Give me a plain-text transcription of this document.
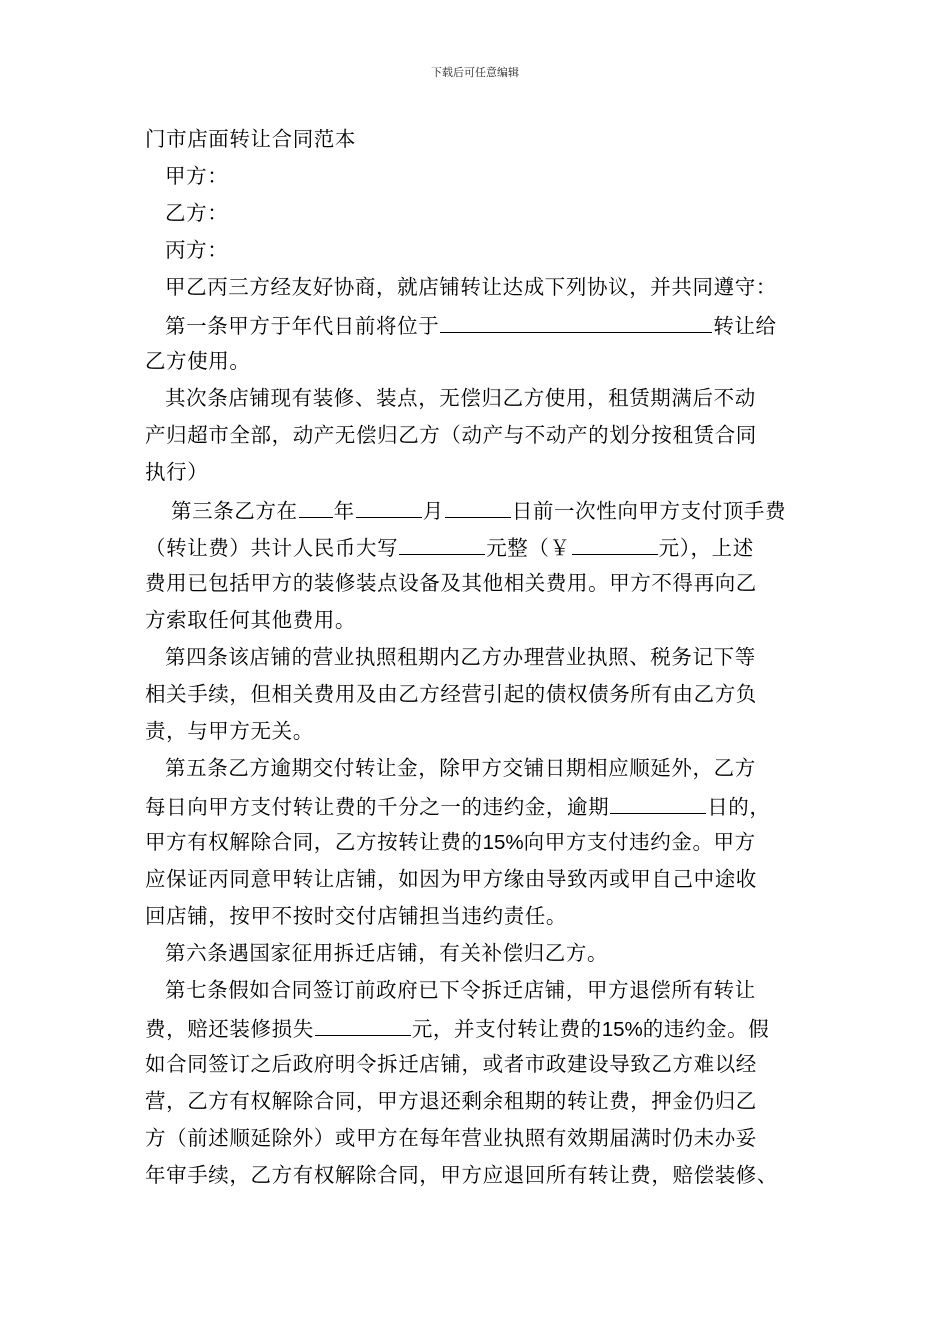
下载后可任意编辑
门市店面转让合同范本
甲方：
乙方：
丙方：
甲乙丙三方经友好协商，就店铺转让达成下列协议，并共同遵守：
第一条甲方于年代日前将位于	转让给
乙方使用。
其次条店铺现有装修、装点，无偿归乙方使用，租赁期满后不动
产归超市全部，动产无偿归乙方（动产与不动产的划分按租赁合同
执行）
第三条乙方在 年	月	日前一次性向甲方支付顶手费
（转让费）共计人民币大写	元整（￥	元），上述
费用已包括甲方的装修装点设备及其他相关费用。甲方不得再向乙
方索取任何其他费用。
第四条该店铺的营业执照租期内乙方办理营业执照、税务记下等
相关手续，但相关费用及由乙方经营引起的债权债务所有由乙方负
责，与甲方无关。
第五条乙方逾期交付转让金，除甲方交铺日期相应顺延外，乙方
每日向甲方支付转让费的千分之一的违约金，逾期	日的，
甲方有权解除合同，乙方按转让费的15%向甲方支付违约金。甲方
应保证丙同意甲转让店铺，如因为甲方缘由导致丙或甲自己中途收
回店铺，按甲不按时交付店铺担当违约责任。
第六条遇国家征用拆迁店铺，有关补偿归乙方。
第七条假如合同签订前政府已下令拆迁店铺，甲方退偿所有转让
费，赔还装修损失	元，并支付转让费的15%的违约金。假
如合同签订之后政府明令拆迁店铺，或者市政建设导致乙方难以经
营，乙方有权解除合同，甲方退还剩余租期的转让费，押金仍归乙
方（前述顺延除外）或甲方在每年营业执照有效期届满时仍未办妥
年审手续，乙方有权解除合同，甲方应退回所有转让费，赔偿装修、
